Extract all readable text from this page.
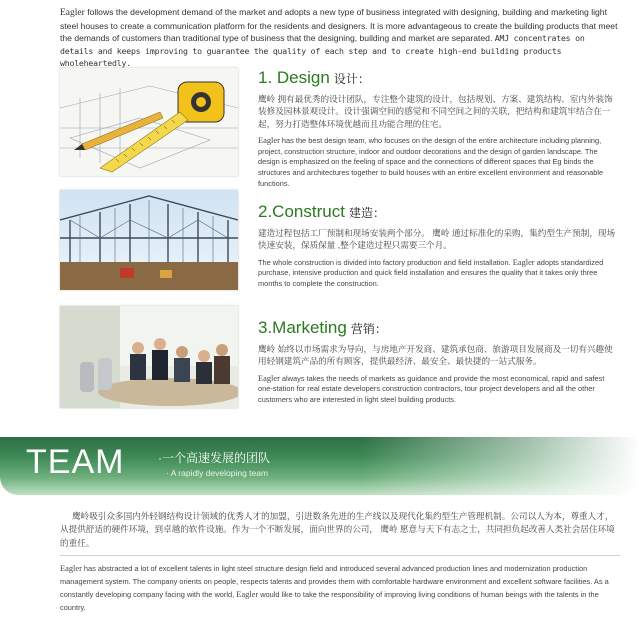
Eagler follows the development demand of the market and adopts a new type of business integrated with designing, building and marketing light steel houses to create a communication platform for the residents and designers. It is more advantageous to create the building products that meet the demands of customers than traditional type of business that the designing, building and market are separated. AMJ concentrates on details and keeps improving to guarantee the quality of each step and to create high-end building products wholeheartedly.
1. Design 设计：
鹰岭 拥有最优秀的设计团队，专注整个建筑的设计，包括规划、方案、建筑结构、室内外装饰装修及园林景观设计。设计强调空间的感觉和不同空间之间的关联，把结构和建筑牢结合在一起，努力打造整体环境优越而且功能合理的住宅。
Eagler has the best design team, who focuses on the design of the entire architecture including planning, project, construction structure, indoor and outdoor decorations and the design of garden landscape. The design is emphasized on the feeling of space and the connections of different spaces that Eg binds the structures and architectures together to build houses with an entire excellent environment and reasonable functions.
2.Construct 建造：
建造过程包括工厂预制和现场安装两个部分。 鹰岭 通过标准化的采购，集约型生产预制，现场快速安装，保质保量 ,整个建造过程只需要三个月。
The whole construction is divided into factory production and field installation. Eagler adopts standardized purchase, intensive production and quick field installation and ensures the quality that it takes only three months to complete the construction.
3.Marketing 营销：
鹰岭 始终以市场需求为导向，与房地产开发商、建筑承包商、旅游项目发展商及一切有兴趣使用轻钢建筑产品的所有顾客，提供最经济、最安全、最快捷的一站式服务。
Eagler always takes the needs of markets as guidance and provide the most economical, rapid and safest one-station for real estate developers construction contractors, tour project developers and all the other customers who are interested in light steel building products.
TEAM	·一个高速发展的团队
· A rapidly developing team
鹰岭吸引众多国内外轻钢结构设计领域的优秀人才的加盟，引进数条先进的生产线以及现代化集约型生产管理机制。公司以人为本，尊重人才，从提供舒适的硬件环境，到卓越的软件设施。作为一个不断发展，面向世界的公司， 鹰岭 愿意与天下有志之士，共同担负起改善人类社会居住环境的重任。
Eagler has abstracted a lot of excellent talents in light steel structure design field and introduced several advanced production lines and modernization production management system. The company orients on people, respects talents and provides them with comfortable hardware environment and excellent software facilities. As a constantly developing company facing with the world, Eagler would like to take the responsibility of improving living conditions of human beings with the talents in the country.
